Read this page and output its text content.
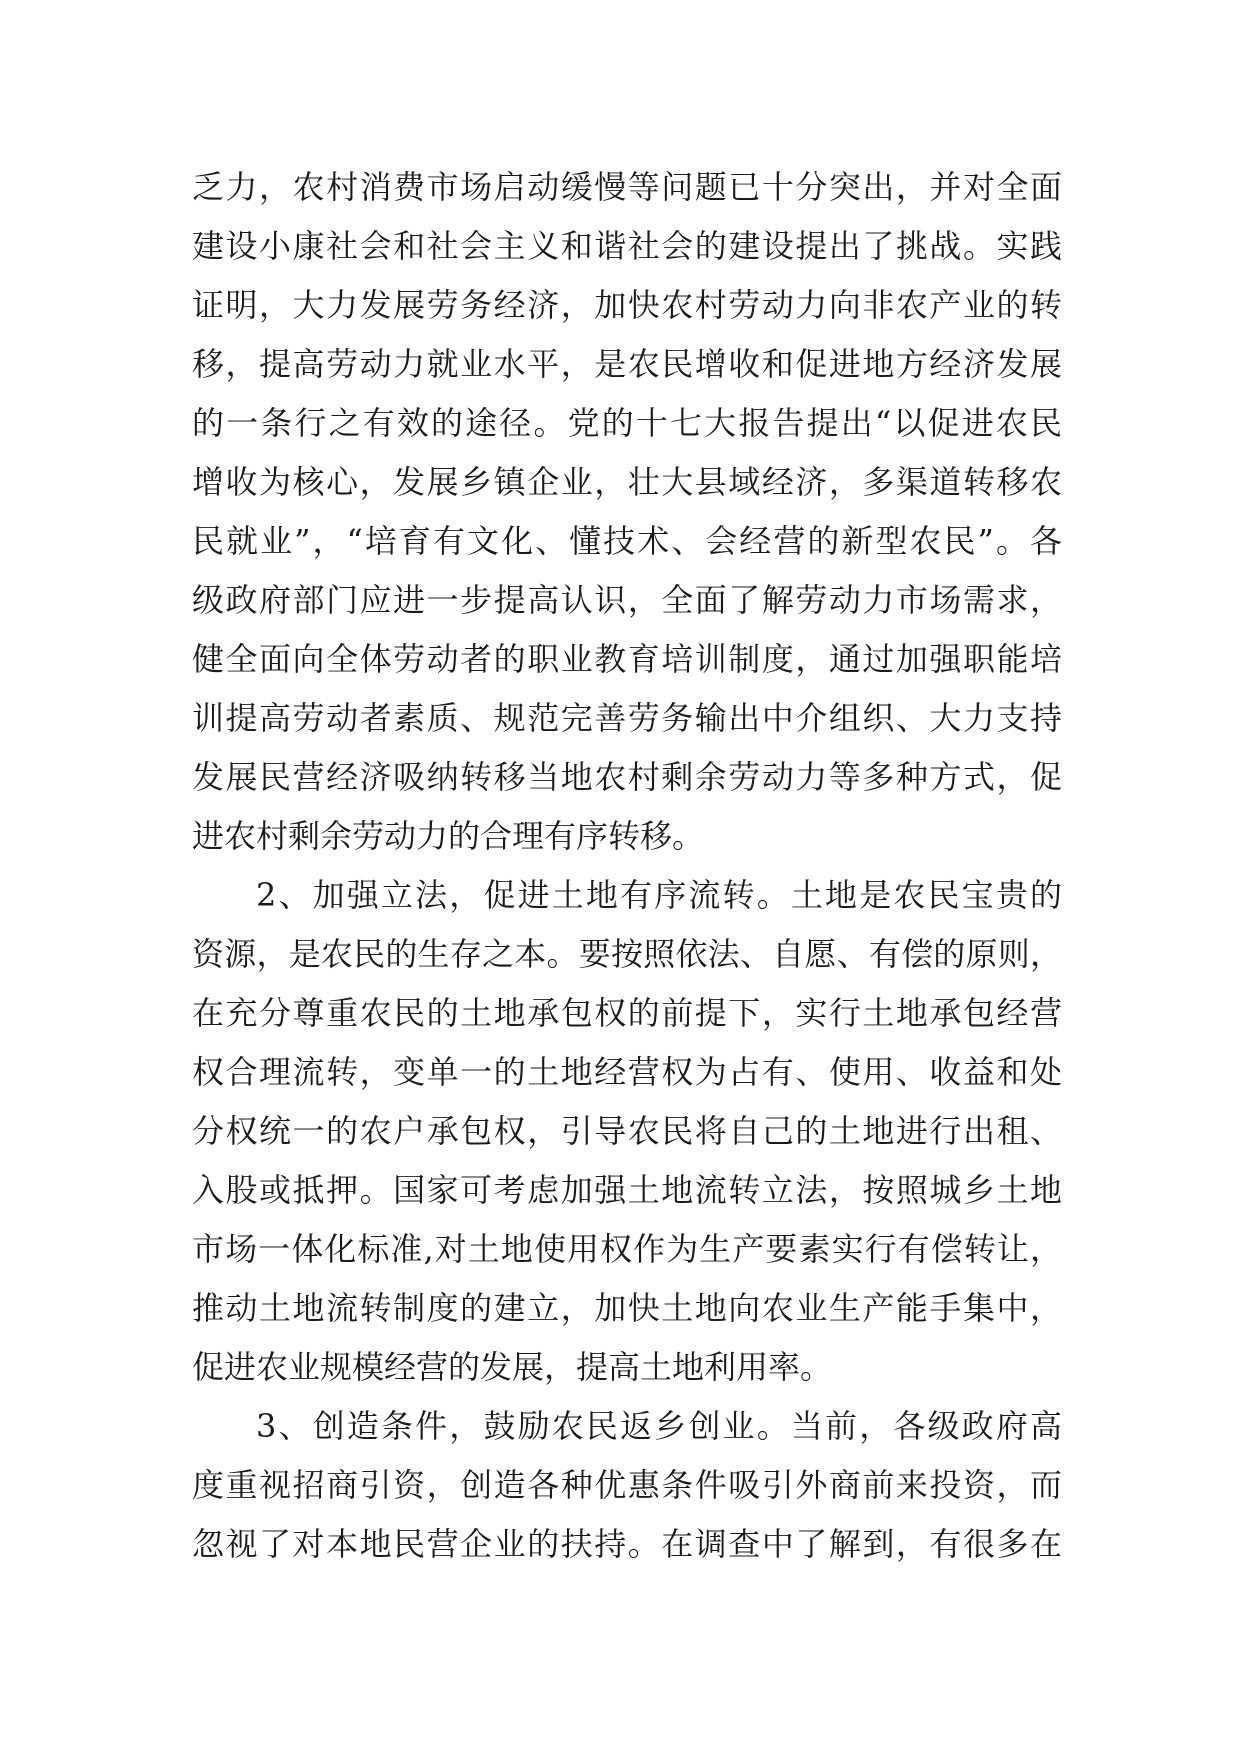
乏力，农村消费市场启动缓慢等问题已十分突出，并对全面
建设小康社会和社会主义和谐社会的建设提出了挑战。实践
证明，大力发展劳务经济，加快农村劳动力向非农产业的转
移，提高劳动力就业水平，是农民增收和促进地方经济发展
的一条行之有效的途径。党的十七大报告提出“以促进农民
增收为核心，发展乡镇企业，壮大县域经济，多渠道转移农
民就业”，“培育有文化、懂技术、会经营的新型农民”。各
级政府部门应进一步提高认识，全面了解劳动力市场需求，
健全面向全体劳动者的职业教育培训制度，通过加强职能培
训提高劳动者素质、规范完善劳务输出中介组织、大力支持
发展民营经济吸纳转移当地农村剩余劳动力等多种方式，促
进农村剩余劳动力的合理有序转移。
2、加强立法，促进土地有序流转。土地是农民宝贵的
资源，是农民的生存之本。要按照依法、自愿、有偿的原则，
在充分尊重农民的土地承包权的前提下，实行土地承包经营
权合理流转，变单一的土地经营权为占有、使用、收益和处
分权统一的农户承包权，引导农民将自己的土地进行出租、
入股或抵押。国家可考虑加强土地流转立法，按照城乡土地
市场一体化标准,对土地使用权作为生产要素实行有偿转让，
推动土地流转制度的建立，加快土地向农业生产能手集中，
促进农业规模经营的发展，提高土地利用率。
3、创造条件，鼓励农民返乡创业。当前，各级政府高
度重视招商引资，创造各种优惠条件吸引外商前来投资，而
忽视了对本地民营企业的扶持。在调查中了解到，有很多在
